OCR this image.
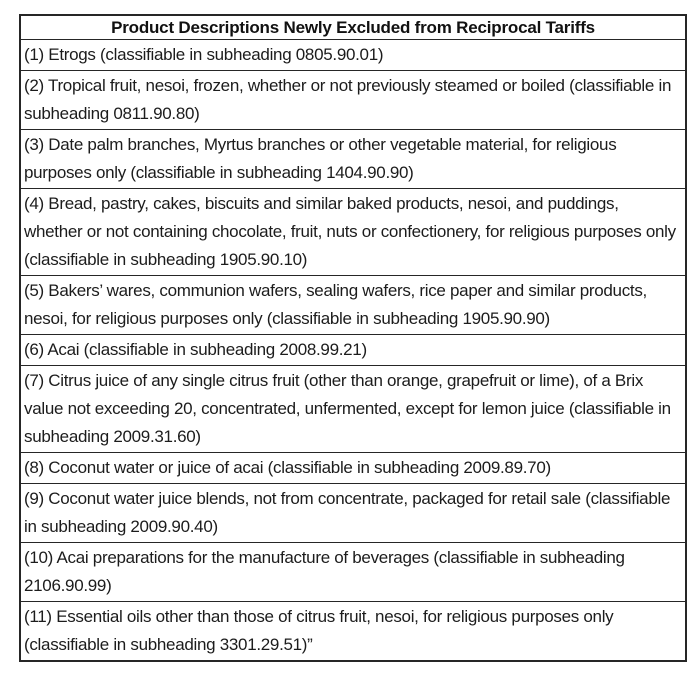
Product Descriptions Newly Excluded from Reciprocal Tariffs
(1) Etrogs (classifiable in subheading 0805.90.01)
(2) Tropical fruit, nesoi, frozen, whether or not previously steamed or boiled (classifiable in subheading 0811.90.80)
(3) Date palm branches, Myrtus branches or other vegetable material, for religious purposes only (classifiable in subheading 1404.90.90)
(4) Bread, pastry, cakes, biscuits and similar baked products, nesoi, and puddings, whether or not containing chocolate, fruit, nuts or confectionery, for religious purposes only (classifiable in subheading 1905.90.10)
(5) Bakers’ wares, communion wafers, sealing wafers, rice paper and similar products, nesoi, for religious purposes only (classifiable in subheading 1905.90.90)
(6) Acai (classifiable in subheading 2008.99.21)
(7) Citrus juice of any single citrus fruit (other than orange, grapefruit or lime), of a Brix value not exceeding 20, concentrated, unfermented, except for lemon juice (classifiable in subheading 2009.31.60)
(8) Coconut water or juice of acai (classifiable in subheading 2009.89.70)
(9) Coconut water juice blends, not from concentrate, packaged for retail sale (classifiable in subheading 2009.90.40)
(10) Acai preparations for the manufacture of beverages (classifiable in subheading 2106.90.99)
(11) Essential oils other than those of citrus fruit, nesoi, for religious purposes only (classifiable in subheading 3301.29.51)”
